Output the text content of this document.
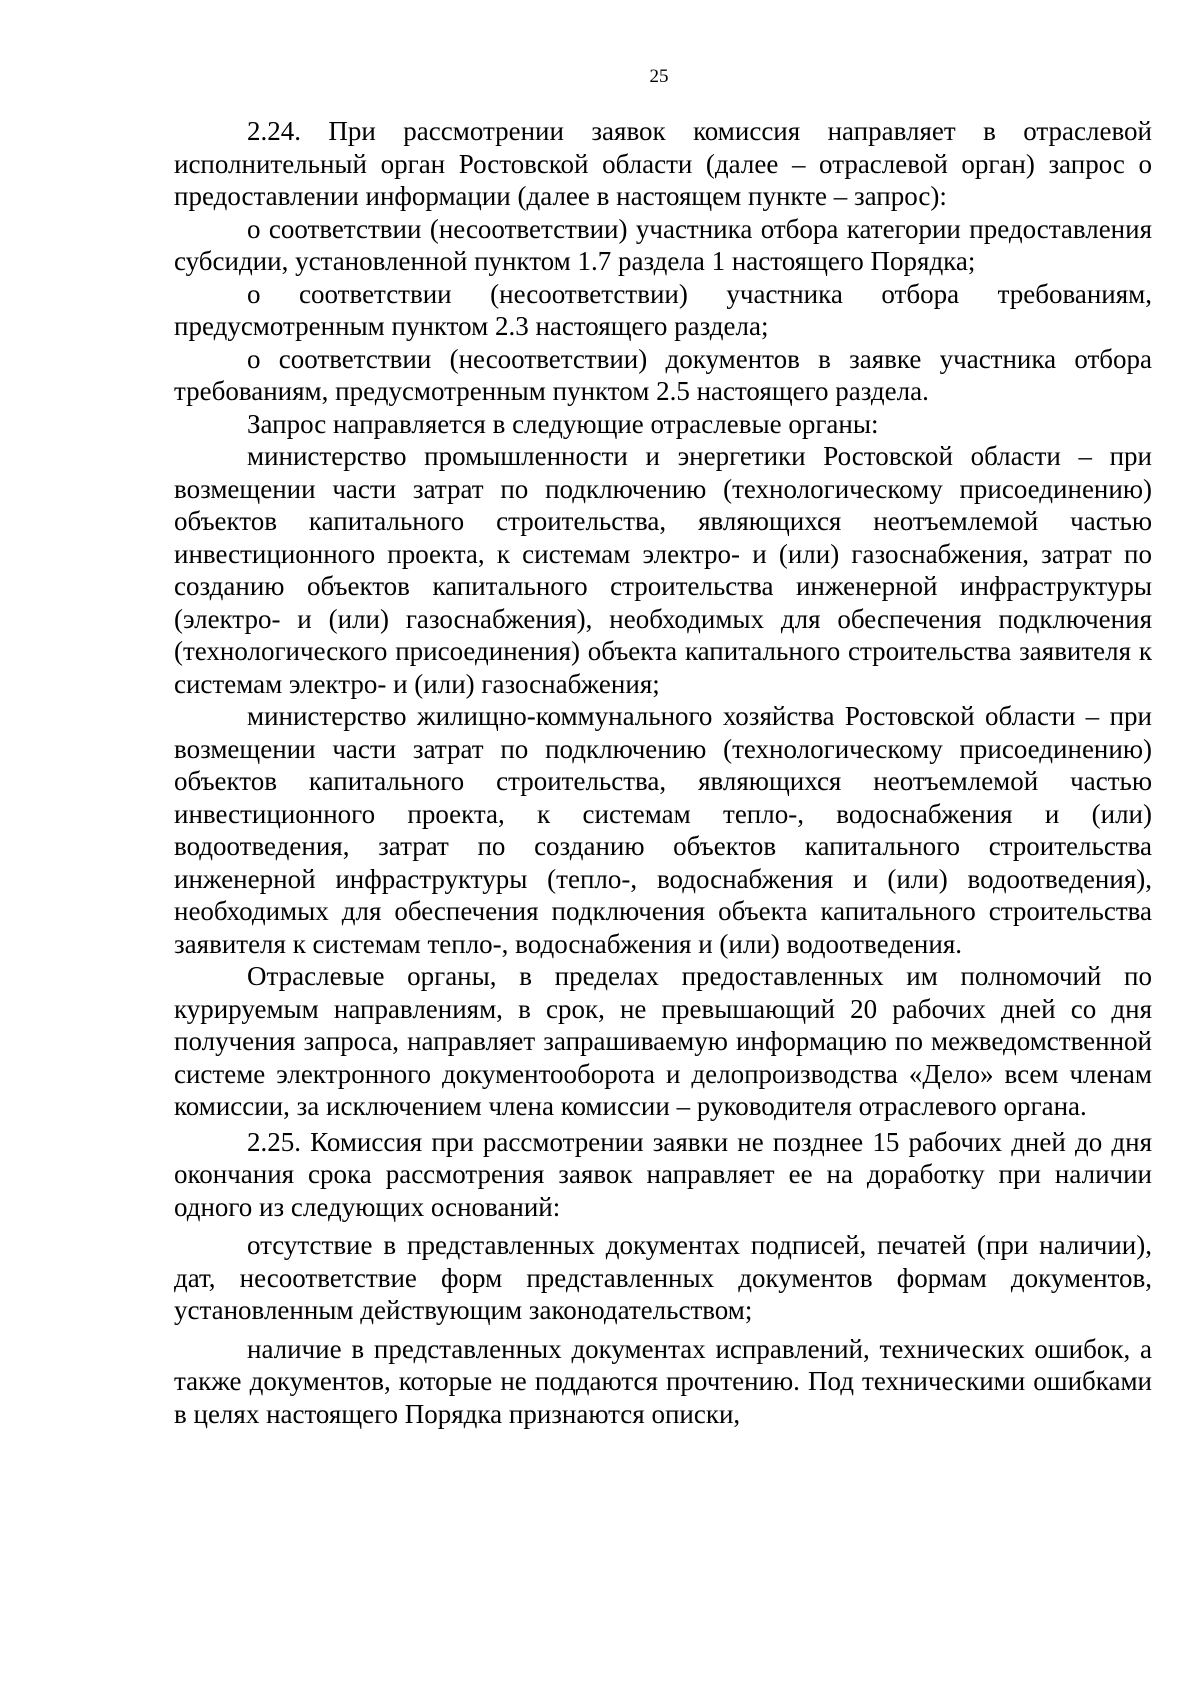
25

2.24. При рассмотрении заявок комиссия направляет в отраслевой исполнительный орган Ростовской области (далее – отраслевой орган) запрос о предоставлении информации (далее в настоящем пункте – запрос):

о соответствии (несоответствии) участника отбора категории предоставления субсидии, установленной пунктом 1.7 раздела 1 настоящего Порядка;

о соответствии (несоответствии) участника отбора требованиям, предусмотренным пунктом 2.3 настоящего раздела;

о соответствии (несоответствии) документов в заявке участника отбора требованиям, предусмотренным пунктом 2.5 настоящего раздела.

Запрос направляется в следующие отраслевые органы:

министерство промышленности и энергетики Ростовской области – при возмещении части затрат по подключению (технологическому присоединению) объектов капитального строительства, являющихся неотъемлемой частью инвестиционного проекта, к системам электро- и (или) газоснабжения, затрат по созданию объектов капитального строительства инженерной инфраструктуры (электро- и (или) газоснабжения), необходимых для обеспечения подключения (технологического присоединения) объекта капитального строительства заявителя к системам электро- и (или) газоснабжения;

министерство жилищно-коммунального хозяйства Ростовской области – при возмещении части затрат по подключению (технологическому присоединению) объектов капитального строительства, являющихся неотъемлемой частью инвестиционного проекта, к системам тепло-, водоснабжения и (или) водоотведения, затрат по созданию объектов капитального строительства инженерной инфраструктуры (тепло-, водоснабжения и (или) водоотведения), необходимых для обеспечения подключения объекта капитального строительства заявителя к системам тепло-, водоснабжения и (или) водоотведения.

Отраслевые органы, в пределах предоставленных им полномочий по курируемым направлениям, в срок, не превышающий 20 рабочих дней со дня получения запроса, направляет запрашиваемую информацию по межведомственной системе электронного документооборота и делопроизводства «Дело» всем членам комиссии, за исключением члена комиссии – руководителя отраслевого органа.

2.25. Комиссия при рассмотрении заявки не позднее 15 рабочих дней до дня окончания срока рассмотрения заявок направляет ее на доработку при наличии одного из следующих оснований:

отсутствие в представленных документах подписей, печатей (при наличии), дат, несоответствие форм представленных документов формам документов, установленным действующим законодательством;

наличие в представленных документах исправлений, технических ошибок, а также документов, которые не поддаются прочтению. Под техническими ошибками в целях настоящего Порядка признаются описки,
